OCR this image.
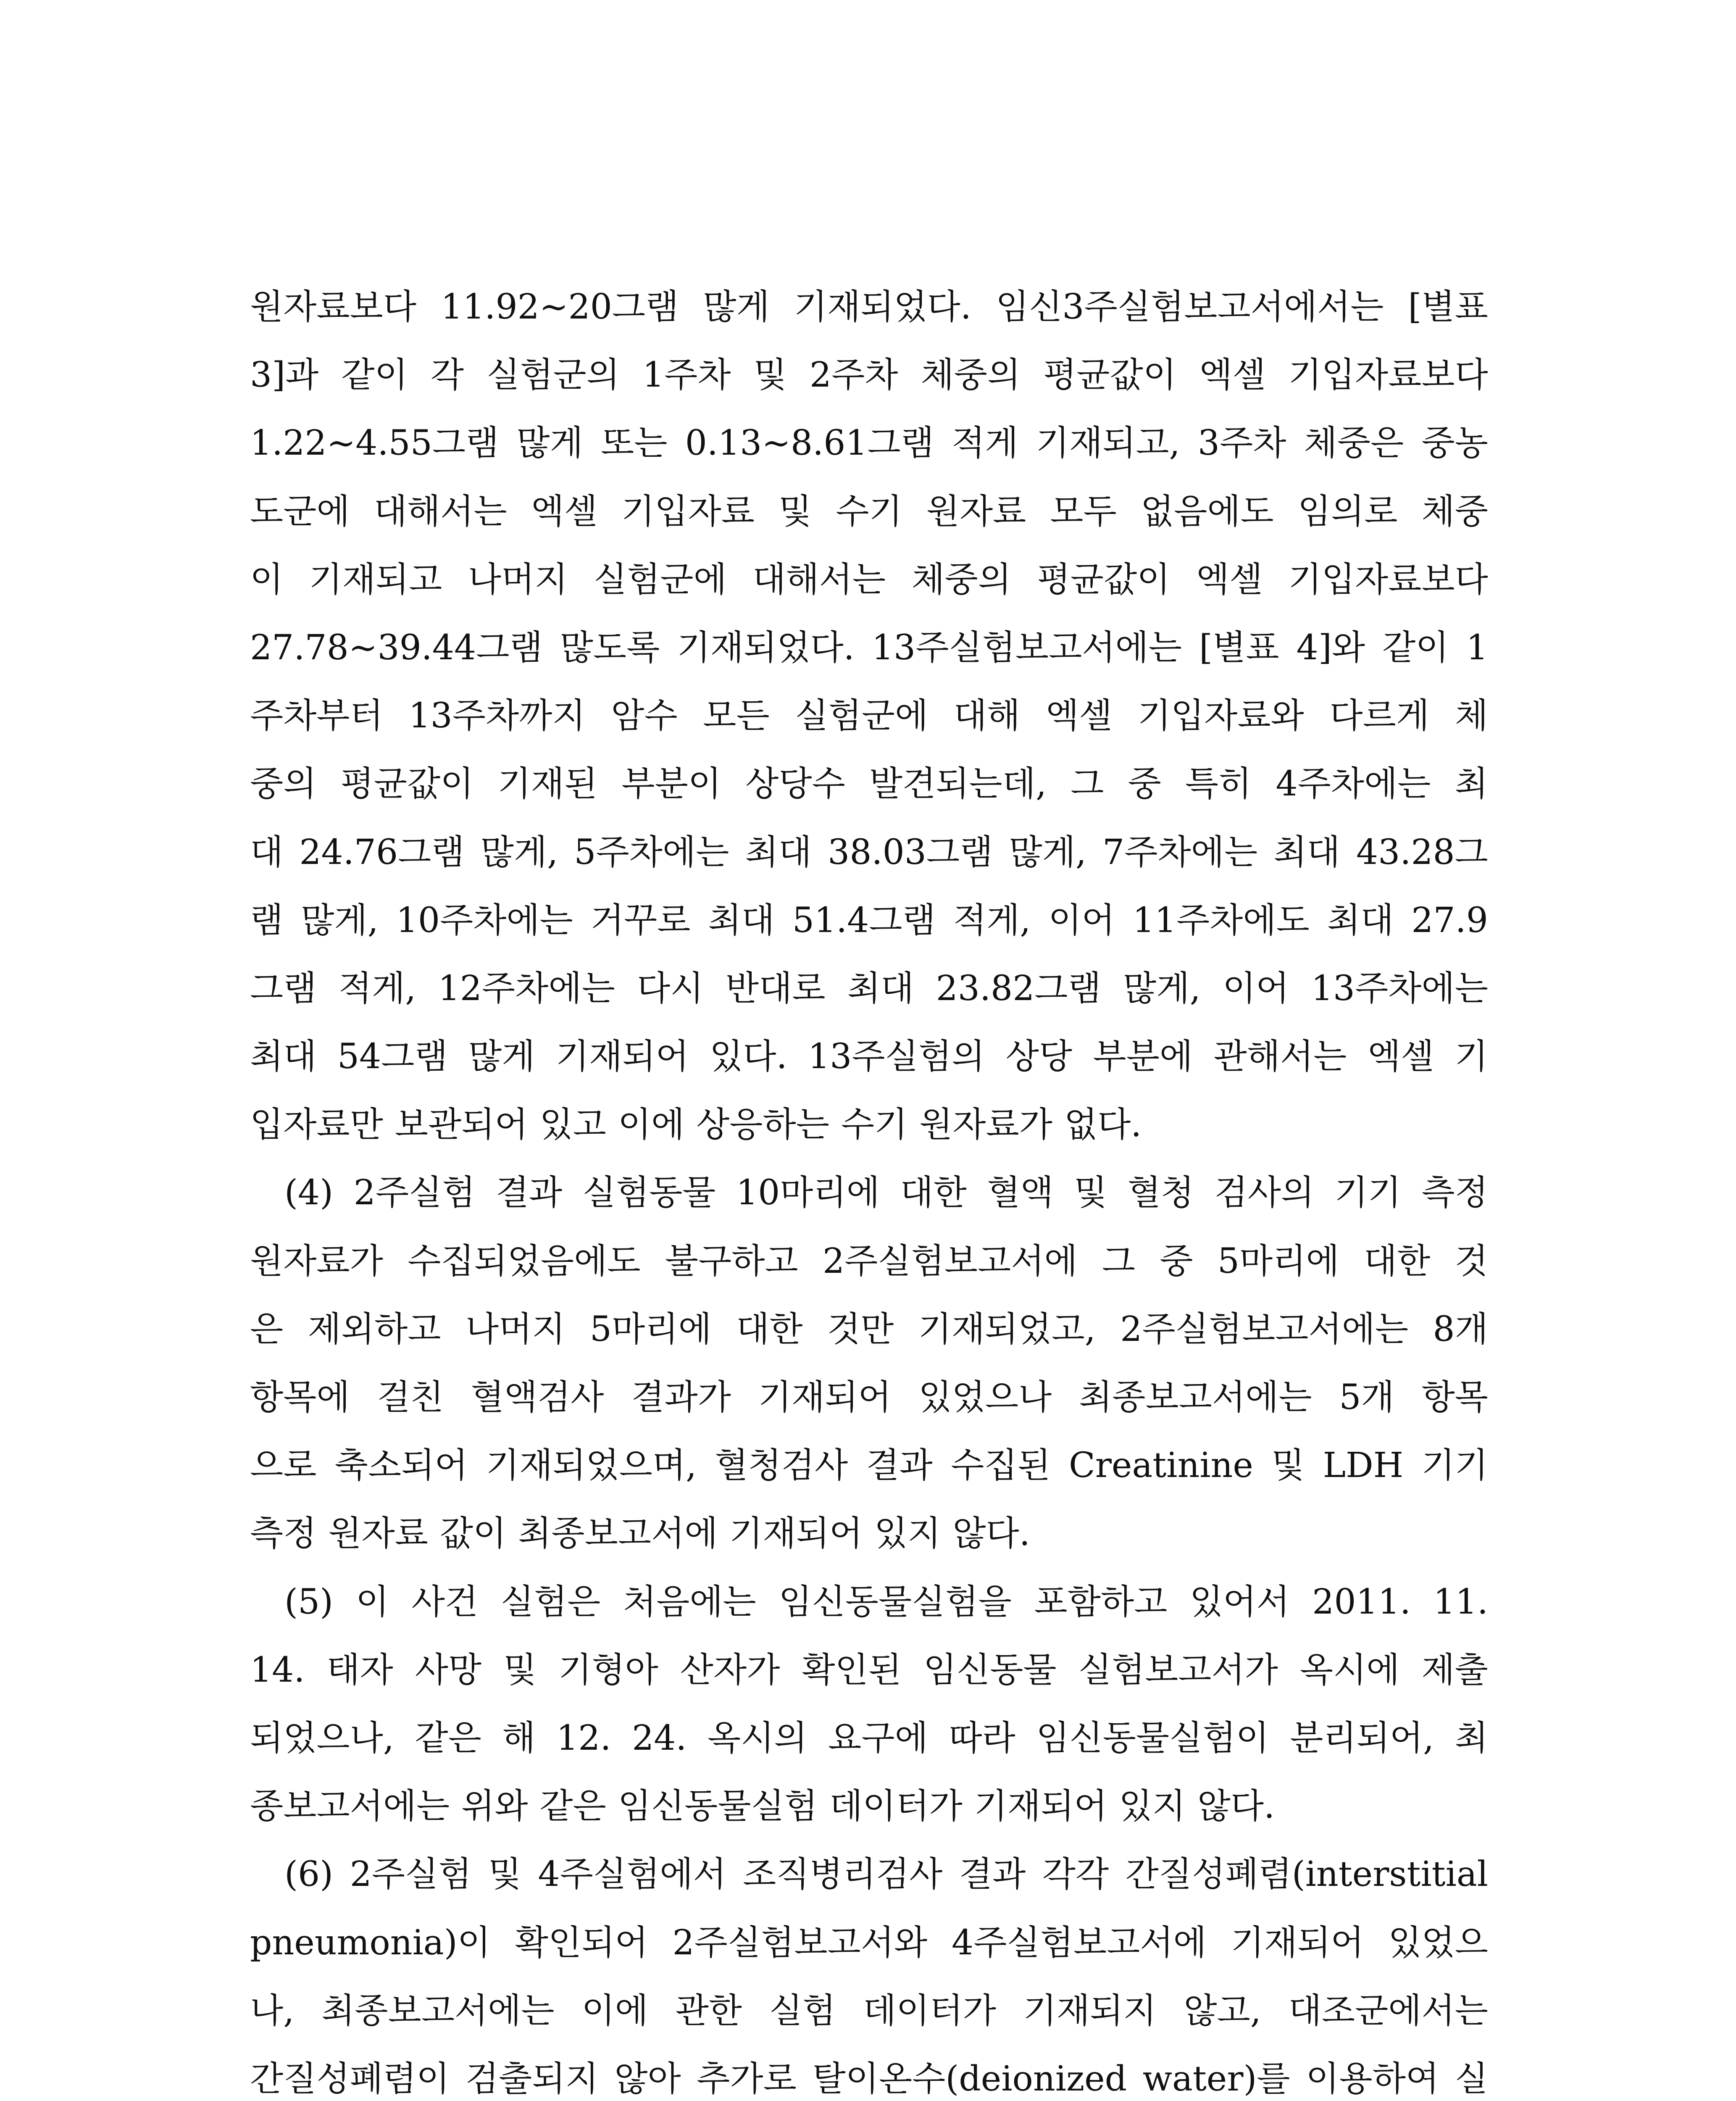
원자료보다 11.92∼20그램 많게 기재되었다. 임신3주실험보고서에서는 [별표
3]과 같이 각 실험군의 1주차 및 2주차 체중의 평균값이 엑셀 기입자료보다
1.22∼4.55그램 많게 또는 0.13∼8.61그램 적게 기재되고, 3주차 체중은 중농
도군에 대해서는 엑셀 기입자료 및 수기 원자료 모두 없음에도 임의로 체중
이 기재되고 나머지 실험군에 대해서는 체중의 평균값이 엑셀 기입자료보다
27.78∼39.44그램 많도록 기재되었다. 13주실험보고서에는 [별표 4]와 같이 1
주차부터 13주차까지 암수 모든 실험군에 대해 엑셀 기입자료와 다르게 체
중의 평균값이 기재된 부분이 상당수 발견되는데, 그 중 특히 4주차에는 최
대 24.76그램 많게, 5주차에는 최대 38.03그램 많게, 7주차에는 최대 43.28그
램 많게, 10주차에는 거꾸로 최대 51.4그램 적게, 이어 11주차에도 최대 27.9
그램 적게, 12주차에는 다시 반대로 최대 23.82그램 많게, 이어 13주차에는
최대 54그램 많게 기재되어 있다. 13주실험의 상당 부분에 관해서는 엑셀 기
입자료만 보관되어 있고 이에 상응하는 수기 원자료가 없다.
(4) 2주실험 결과 실험동물 10마리에 대한 혈액 및 혈청 검사의 기기 측정
원자료가 수집되었음에도 불구하고 2주실험보고서에 그 중 5마리에 대한 것
은 제외하고 나머지 5마리에 대한 것만 기재되었고, 2주실험보고서에는 8개
항목에 걸친 혈액검사 결과가 기재되어 있었으나 최종보고서에는 5개 항목
으로 축소되어 기재되었으며, 혈청검사 결과 수집된 Creatinine 및 LDH 기기
측정 원자료 값이 최종보고서에 기재되어 있지 않다.
(5) 이 사건 실험은 처음에는 임신동물실험을 포함하고 있어서 2011. 11.
14. 태자 사망 및 기형아 산자가 확인된 임신동물 실험보고서가 옥시에 제출
되었으나, 같은 해 12. 24. 옥시의 요구에 따라 임신동물실험이 분리되어, 최
종보고서에는 위와 같은 임신동물실험 데이터가 기재되어 있지 않다.
(6) 2주실험 및 4주실험에서 조직병리검사 결과 각각 간질성폐렴(interstitial
pneumonia)이 확인되어 2주실험보고서와 4주실험보고서에 기재되어 있었으
나, 최종보고서에는 이에 관한 실험 데이터가 기재되지 않고, 대조군에서는
간질성폐렴이 검출되지 않아 추가로 탈이온수(deionized water)를 이용하여 실
